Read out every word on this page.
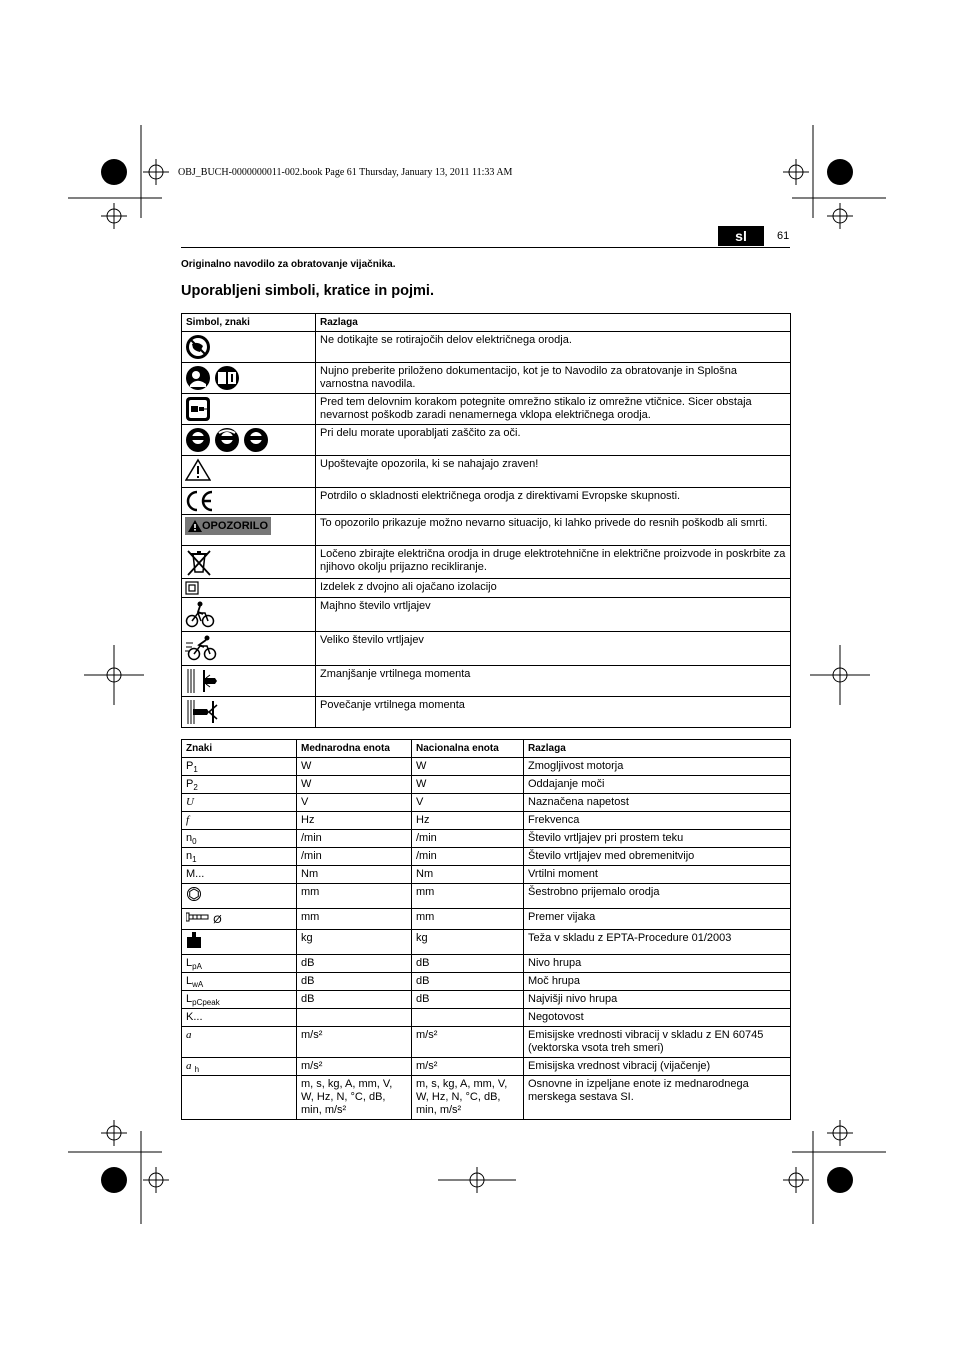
OBJ_BUCH-0000000011-002.book Page 61 Thursday, January 13, 2011 11:33 AM
sl	61
Originalno navodilo za obratovanje vijačnika.
Uporabljeni simboli, kratice in pojmi.
Simbol, znaki	Razlaga
	Ne dotikajte se rotirajočih delov električnega orodja.
	Nujno preberite priloženo dokumentacijo, kot je to Navodilo za obratovanje in Splošna varnostna navodila.
	Pred tem delovnim korakom potegnite omrežno stikalo iz omrežne vtičnice. Sicer obstaja nevarnost poškodb zaradi nenamernega vklopa električnega orodja.
	Pri delu morate uporabljati zaščito za oči.
	Upoštevajte opozorila, ki se nahajajo zraven!
	Potrdilo o skladnosti električnega orodja z direktivami Evropske skupnosti.

OPOZORILO	To opozorilo prikazuje možno nevarno situacijo, ki lahko privede do resnih poškodb ali smrti.
	Ločeno zbirajte električna orodja in druge elektrotehnične in električne proizvode in poskrbite za njihovo okolju prijazno recikliranje.
	Izdelek z dvojno ali ojačano izolacijo
	Majhno število vrtljajev
	Veliko število vrtljajev
	Zmanjšanje vrtilnega momenta
	Povečanje vrtilnega momenta
Znaki	Mednarodna enota	Nacionalna enota	Razlaga
$P_1$	W	W	Zmogljivost motorja
$P_2$	W	W	Oddajanje moči
U	V	V	Naznačena napetost
f	Hz	Hz	Frekvenca
$n_0$	/min	/min	Število vrtljajev pri prostem teku
$n_1$	/min	/min	Število vrtljajev med obremenitvijo
M...	Nm	Nm	Vrtilni moment
	mm	mm	Šestrobno prijemalo orodja
Ø	mm	mm	Premer vijaka
	kg	kg	Teža v skladu z EPTA-Procedure 01/2003
$L_{pA}$	dB	dB	Nivo hrupa
$L_{wA}$	dB	dB	Moč hrupa
$L_{pCpeak}$	dB	dB	Najvišji nivo hrupa
K...			Negotovost
a	m/s²	m/s²	Emisijske vrednosti vibracij v skladu z EN 60745 (vektorska vsota treh smeri)
a $_h$	m/s²	m/s²	Emisijska vrednost vibracij (vijačenje)
	m, s, kg, A, mm, V, W, Hz, N, °C, dB, min, m/s²	m, s, kg, A, mm, V, W, Hz, N, °C, dB, min, m/s²	Osnovne in izpeljane enote iz mednarodnega merskega sestava SI.
